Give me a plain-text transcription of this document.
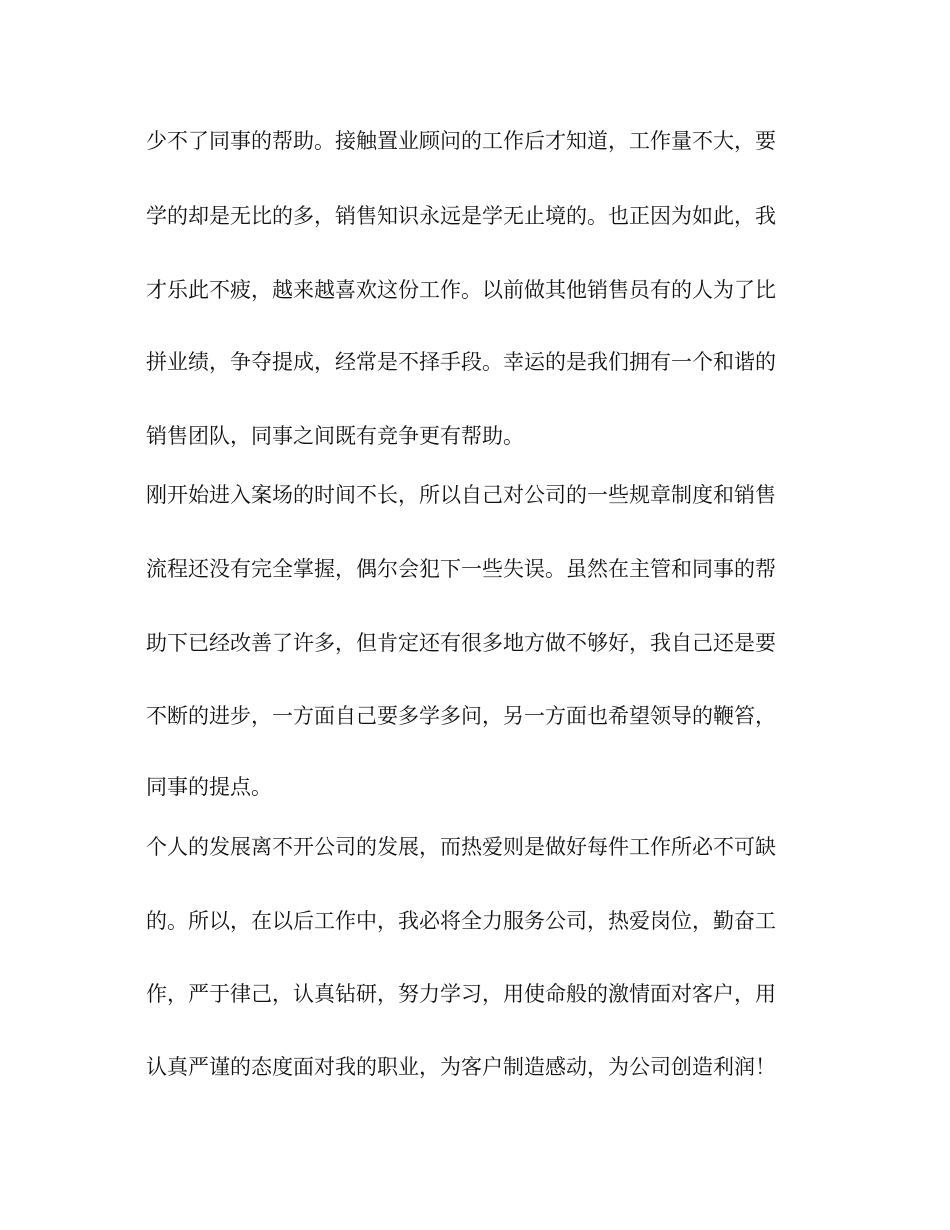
少不了同事的帮助。接触置业顾问的工作后才知道，工作量不大，要
学的却是无比的多，销售知识永远是学无止境的。也正因为如此，我
才乐此不疲，越来越喜欢这份工作。以前做其他销售员有的人为了比
拼业绩，争夺提成，经常是不择手段。幸运的是我们拥有一个和谐的
销售团队，同事之间既有竞争更有帮助。
刚开始进入案场的时间不长，所以自己对公司的一些规章制度和销售
流程还没有完全掌握，偶尔会犯下一些失误。虽然在主管和同事的帮
助下已经改善了许多，但肯定还有很多地方做不够好，我自己还是要
不断的进步，一方面自己要多学多问，另一方面也希望领导的鞭笞，
同事的提点。
个人的发展离不开公司的发展，而热爱则是做好每件工作所必不可缺
的。所以，在以后工作中，我必将全力服务公司，热爱岗位，勤奋工
作，严于律己，认真钻研，努力学习，用使命般的激情面对客户，用
认真严谨的态度面对我的职业，为客户制造感动，为公司创造利润！
